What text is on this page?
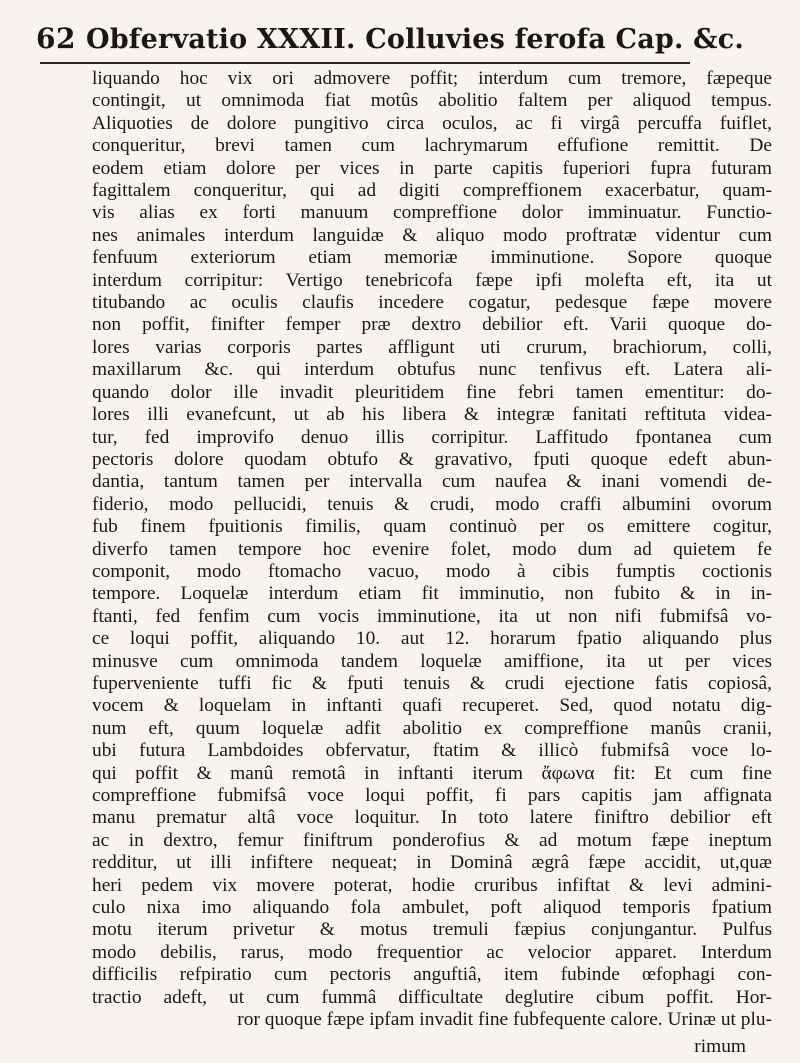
62 Obfervatio XXXII. Colluvies ferofa Cap. &c.
liquando hoc vix ori admovere poffit; interdum cum tremore, fæpeque
contingit, ut omnimoda fiat motûs abolitio faltem per aliquod tempus.
Aliquoties de dolore pungitivo circa oculos, ac fi virgâ percuffa fuiflet,
conqueritur, brevi tamen cum lachrymarum effufione remittit. De
eodem etiam dolore per vices in parte capitis fuperiori fupra futuram
fagittalem conqueritur, qui ad digiti compreffionem exacerbatur, quam-
vis alias ex forti manuum compreffione dolor imminuatur. Functio-
nes animales interdum languidæ & aliquo modo proftratæ videntur cum
fenfuum exteriorum etiam memoriæ imminutione. Sopore quoque
interdum corripitur: Vertigo tenebricofa fæpe ipfi molefta eft, ita ut
titubando ac oculis claufis incedere cogatur, pedesque fæpe movere
non poffit, finifter femper præ dextro debilior eft. Varii quoque do-
lores varias corporis partes affligunt uti crurum, brachiorum, colli,
maxillarum &c. qui interdum obtufus nunc tenfivus eft. Latera ali-
quando dolor ille invadit pleuritidem fine febri tamen ementitur: do-
lores illi evanefcunt, ut ab his libera & integræ fanitati reftituta videa-
tur, fed improvifo denuo illis corripitur. Laffitudo fpontanea cum
pectoris dolore quodam obtufo & gravativo, fputi quoque edeft abun-
dantia, tantum tamen per intervalla cum naufea & inani vomendi de-
fiderio, modo pellucidi, tenuis & crudi, modo craffi albumini ovorum
fub finem fpuitionis fimilis, quam continuò per os emittere cogitur,
diverfo tamen tempore hoc evenire folet, modo dum ad quietem fe
componit, modo ftomacho vacuo, modo à cibis fumptis coctionis
tempore. Loquelæ interdum etiam fit imminutio, non fubito & in in-
ftanti, fed fenfim cum vocis imminutione, ita ut non nifi fubmifsâ vo-
ce loqui poffit, aliquando 10. aut 12. horarum fpatio aliquando plus
minusve cum omnimoda tandem loquelæ amiffione, ita ut per vices
fuperveniente tuffi fic & fputi tenuis & crudi ejectione fatis copiosâ,
vocem & loquelam in inftanti quafi recuperet. Sed, quod notatu dig-
num eft, quum loquelæ adfit abolitio ex compreffione manûs cranii,
ubi futura Lambdoides obfervatur, ftatim & illicò fubmifsâ voce lo-
qui poffit & manû remotâ in inftanti iterum ἄφωνα fit: Et cum fine
compreffione fubmifsâ voce loqui poffit, fi pars capitis jam affignata
manu prematur altâ voce loquitur. In toto latere finiftro debilior eft
ac in dextro, femur finiftrum ponderofius & ad motum fæpe ineptum
redditur, ut illi infiftere nequeat; in Dominâ ægrâ fæpe accidit, ut,quæ
heri pedem vix movere poterat, hodie cruribus infiftat & levi admini-
culo nixa imo aliquando fola ambulet, poft aliquod temporis fpatium
motu iterum privetur & motus tremuli fæpius conjungantur. Pulfus
modo debilis, rarus, modo frequentior ac velocior apparet. Interdum
difficilis refpiratio cum pectoris anguftiâ, item fubinde œfophagi con-
tractio adeft, ut cum fummâ difficultate deglutire cibum poffit. Hor-
ror quoque fæpe ipfam invadit fine fubfequente calore. Urinæ ut plu-
rimum
